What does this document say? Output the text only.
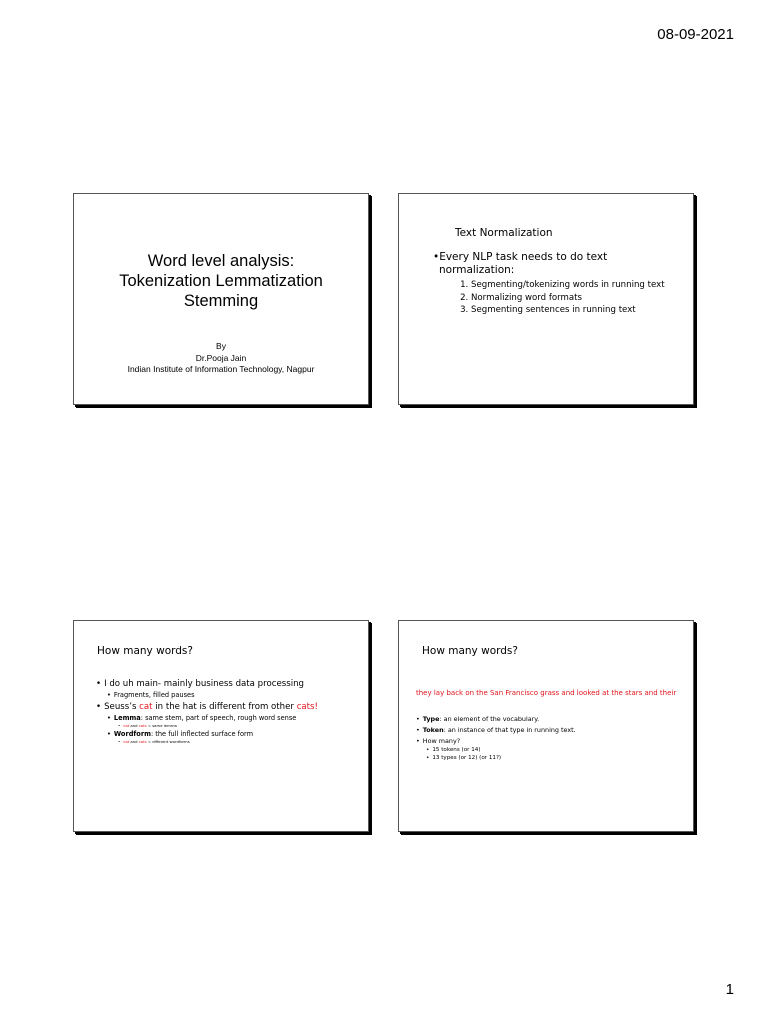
08-09-2021
Word level analysis:
Tokenization Lemmatization
Stemming
By
Dr.Pooja Jain
Indian Institute of Information Technology, Nagpur
Text Normalization
•Every NLP task needs to do text
normalization:
1. Segmenting/tokenizing words in running text
2. Normalizing word formats
3. Segmenting sentences in running text
How many words?
• I do uh main- mainly business data processing
• Fragments, filled pauses
• Seuss’s cat in the hat is different from other cats!
• Lemma: same stem, part of speech, rough word sense
• cat and cats = same lemma
• Wordform: the full inflected surface form
• cat and cats = different wordforms
How many words?
they lay back on the San Francisco grass and looked at the stars and their
• Type: an element of the vocabulary.
• Token: an instance of that type in running text.
• How many?
• 15 tokens (or 14)
• 13 types (or 12) (or 11?)
1
